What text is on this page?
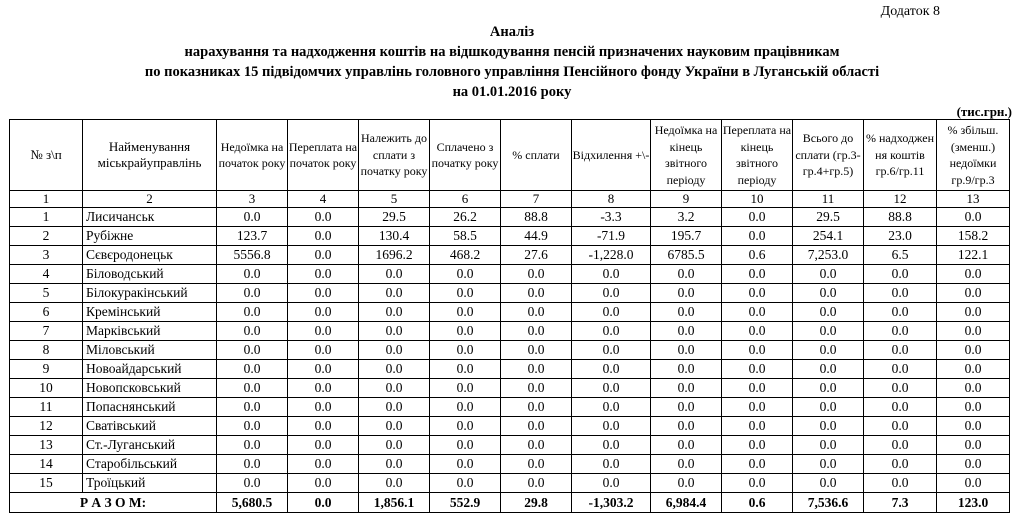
Додаток 8
Аналіз
нарахування та надходження коштів на відшкодування пенсій призначених науковим працівникам
по показниках 15 підвідомчих управлінь головного управління Пенсійного фонду України в Луганській області
на 01.01.2016 року
(тис.грн.)
№ з\п	Найменування міськрайуправлінь	Недоїмка на початок року	Переплата на початок року	Належить до сплати з початку року	Сплачено з початку року	% сплати	Відхилення +\-	Недоїмка на кінець звітного періоду	Переплата на кінець звітного періоду	Всього до сплати (гр.3-гр.4+гр.5)	% надходжен ня коштів гр.6/гр.11	% збільш. (зменш.) недоїмки гр.9/гр.3
1	2	3	4	5	6	7	8	9	10	11	12	13
1	Лисичанськ	0.0	0.0	29.5	26.2	88.8	-3.3	3.2	0.0	29.5	88.8	0.0
2	Рубіжне	123.7	0.0	130.4	58.5	44.9	-71.9	195.7	0.0	254.1	23.0	158.2
3	Сєвєродонецьк	5556.8	0.0	1696.2	468.2	27.6	-1,228.0	6785.5	0.6	7,253.0	6.5	122.1
4	Біловодський	0.0	0.0	0.0	0.0	0.0	0.0	0.0	0.0	0.0	0.0	0.0
5	Білокуракінський	0.0	0.0	0.0	0.0	0.0	0.0	0.0	0.0	0.0	0.0	0.0
6	Кремінський	0.0	0.0	0.0	0.0	0.0	0.0	0.0	0.0	0.0	0.0	0.0
7	Марківський	0.0	0.0	0.0	0.0	0.0	0.0	0.0	0.0	0.0	0.0	0.0
8	Міловський	0.0	0.0	0.0	0.0	0.0	0.0	0.0	0.0	0.0	0.0	0.0
9	Новоайдарський	0.0	0.0	0.0	0.0	0.0	0.0	0.0	0.0	0.0	0.0	0.0
10	Новопсковський	0.0	0.0	0.0	0.0	0.0	0.0	0.0	0.0	0.0	0.0	0.0
11	Попаснянський	0.0	0.0	0.0	0.0	0.0	0.0	0.0	0.0	0.0	0.0	0.0
12	Сватівський	0.0	0.0	0.0	0.0	0.0	0.0	0.0	0.0	0.0	0.0	0.0
13	Ст.-Луганський	0.0	0.0	0.0	0.0	0.0	0.0	0.0	0.0	0.0	0.0	0.0
14	Старобільський	0.0	0.0	0.0	0.0	0.0	0.0	0.0	0.0	0.0	0.0	0.0
15	Троїцький	0.0	0.0	0.0	0.0	0.0	0.0	0.0	0.0	0.0	0.0	0.0
Р А З О М:		5,680.5	0.0	1,856.1	552.9	29.8	-1,303.2	6,984.4	0.6	7,536.6	7.3	123.0
